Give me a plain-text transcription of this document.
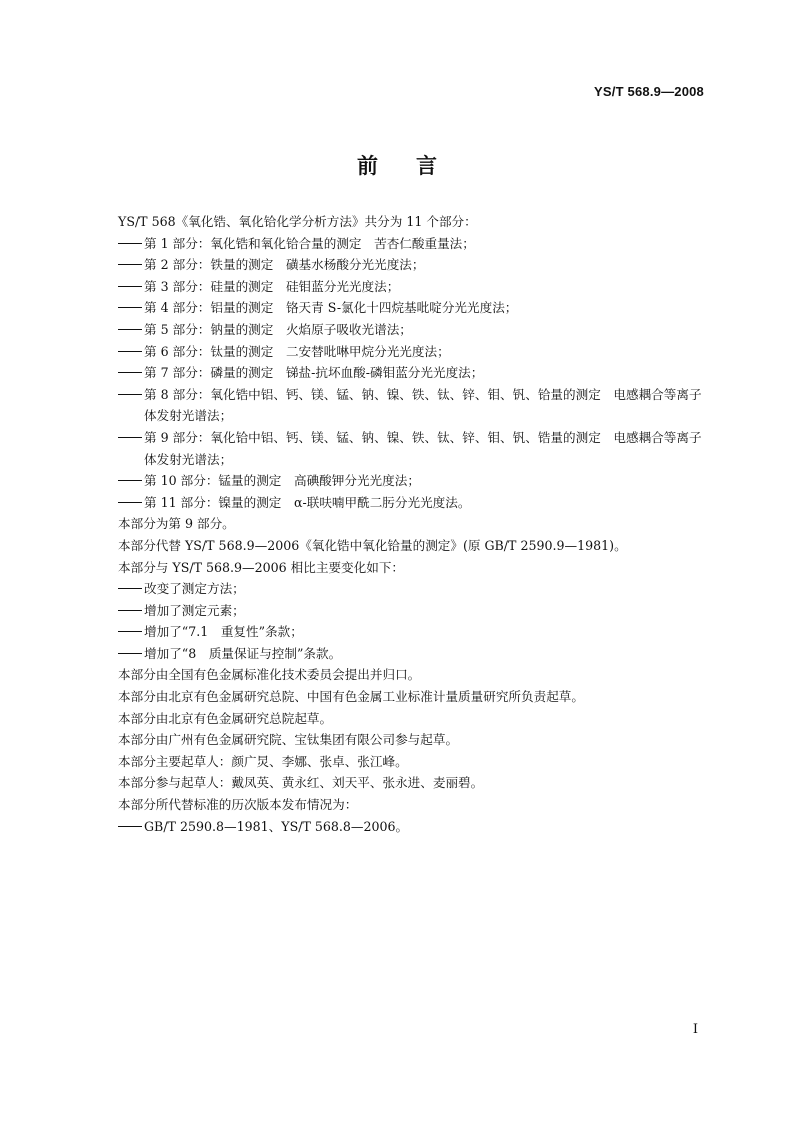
YS/T 568.9—2008
前言
YS/T 568《氧化锆、氧化铪化学分析方法》共分为 11 个部分：
第 1 部分：氧化锆和氧化铪合量的测定　苦杏仁酸重量法；
第 2 部分：铁量的测定　磺基水杨酸分光光度法；
第 3 部分：硅量的测定　硅钼蓝分光光度法；
第 4 部分：铝量的测定　铬天青 S-氯化十四烷基吡啶分光光度法；
第 5 部分：钠量的测定　火焰原子吸收光谱法；
第 6 部分：钛量的测定　二安替吡啉甲烷分光光度法；
第 7 部分：磷量的测定　锑盐-抗坏血酸-磷钼蓝分光光度法；
第 8 部分：氧化锆中铝、钙、镁、锰、钠、镍、铁、钛、锌、钼、钒、铪量的测定　电感耦合等离子体发射光谱法；
第 9 部分：氧化铪中铝、钙、镁、锰、钠、镍、铁、钛、锌、钼、钒、锆量的测定　电感耦合等离子体发射光谱法；
第 10 部分：锰量的测定　高碘酸钾分光光度法；
第 11 部分：镍量的测定　α-联呋喃甲酰二肟分光光度法。
本部分为第 9 部分。
本部分代替 YS/T 568.9—2006《氧化锆中氧化铪量的测定》(原 GB/T 2590.9—1981)。
本部分与 YS/T 568.9—2006 相比主要变化如下：
改变了测定方法；
增加了测定元素；
增加了“7.1　重复性”条款；
增加了“8　质量保证与控制”条款。
本部分由全国有色金属标准化技术委员会提出并归口。
本部分由北京有色金属研究总院、中国有色金属工业标准计量质量研究所负责起草。
本部分由北京有色金属研究总院起草。
本部分由广州有色金属研究院、宝钛集团有限公司参与起草。
本部分主要起草人：颜广炅、李娜、张卓、张江峰。
本部分参与起草人：戴凤英、黄永红、刘天平、张永进、麦丽碧。
本部分所代替标准的历次版本发布情况为：
GB/T 2590.8—1981、YS/T 568.8—2006。
I
